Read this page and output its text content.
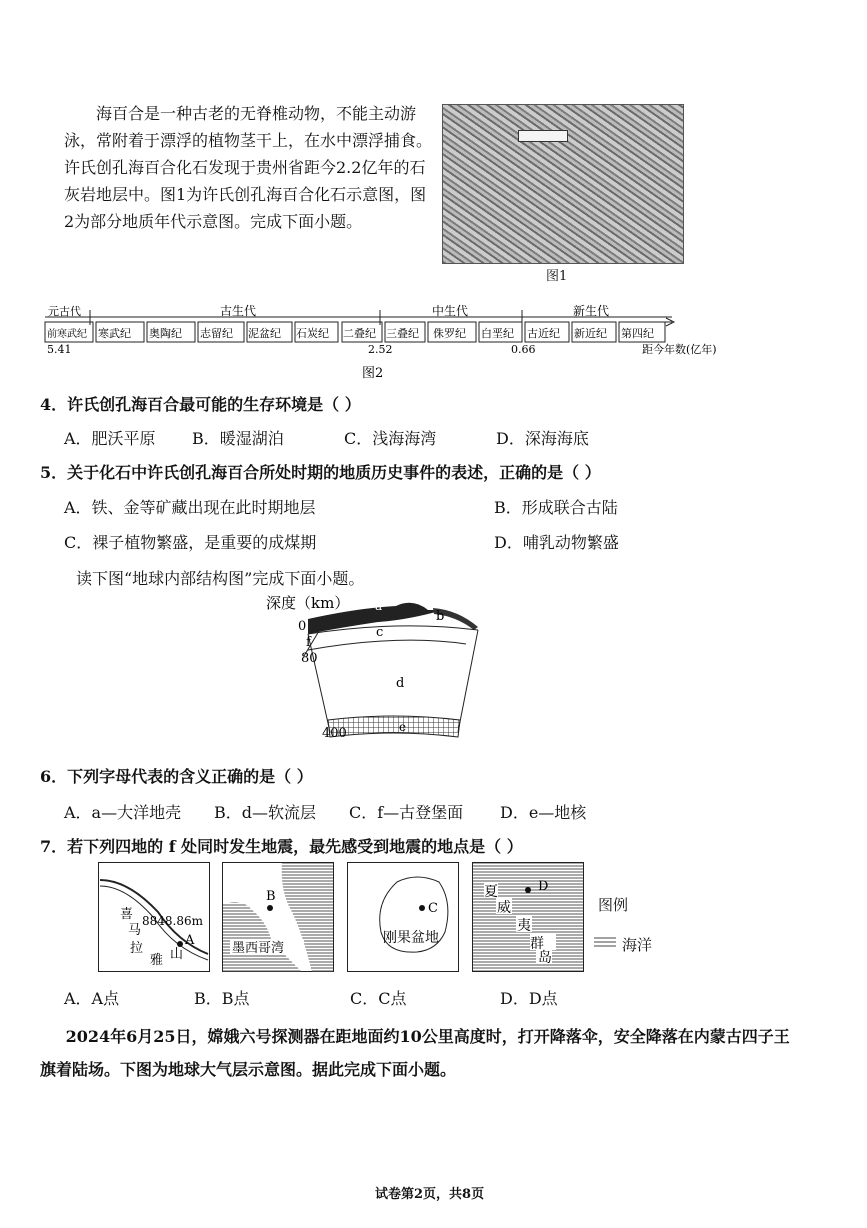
海百合是一种古老的无脊椎动物，不能主动游泳，常附着于漂浮的植物茎干上，在水中漂浮捕食。许氏创孔海百合化石发现于贵州省距今2.2亿年的石灰岩地层中。图1为许氏创孔海百合化石示意图，图2为部分地质年代示意图。完成下面小题。
图1
元古代	古生代	中生代	新生代
前寒武纪 寒武纪 奥陶纪 志留纪 泥盆纪 石炭纪 二叠纪 三叠纪 侏罗纪 白垩纪 古近纪 新近纪 第四纪
5.41	2.52	0.66	距今年数(亿年)
图2
4．许氏创孔海百合最可能的生存环境是（ ）
A．肥沃平原 B．暖湿湖泊	C．浅海海湾	D．深海海底
5．关于化石中许氏创孔海百合所处时期的地质历史事件的表述，正确的是（ ）
A．铁、金等矿藏出现在此时期地层	B．形成联合古陆
C．裸子植物繁盛，是重要的成煤期	D．哺乳动物繁盛
读下图“地球内部结构图”完成下面小题。
深度（km） a
b
c
d
e
f
0
80
400
6．下列字母代表的含义正确的是（ ）
A．a—大洋地壳 B．d—软流层 C．f—古登堡面 D．e—地核
7．若下列四地的 f 处同时发生地震，最先感受到地震的地点是（ ）
8848.86m
喜
马
拉
雅 山
A
B
墨西哥湾
C
刚果盆地
夏
威
夷
群
岛
D
图例
海洋
A．A点	B．B点	C．C点	D．D点
2024年6月25日，嫦娥六号探测器在距地面约10公里高度时，打开降落伞，安全降落在内蒙古四子王旗着陆场。下图为地球大气层示意图。据此完成下面小题。
试卷第2页，共8页
